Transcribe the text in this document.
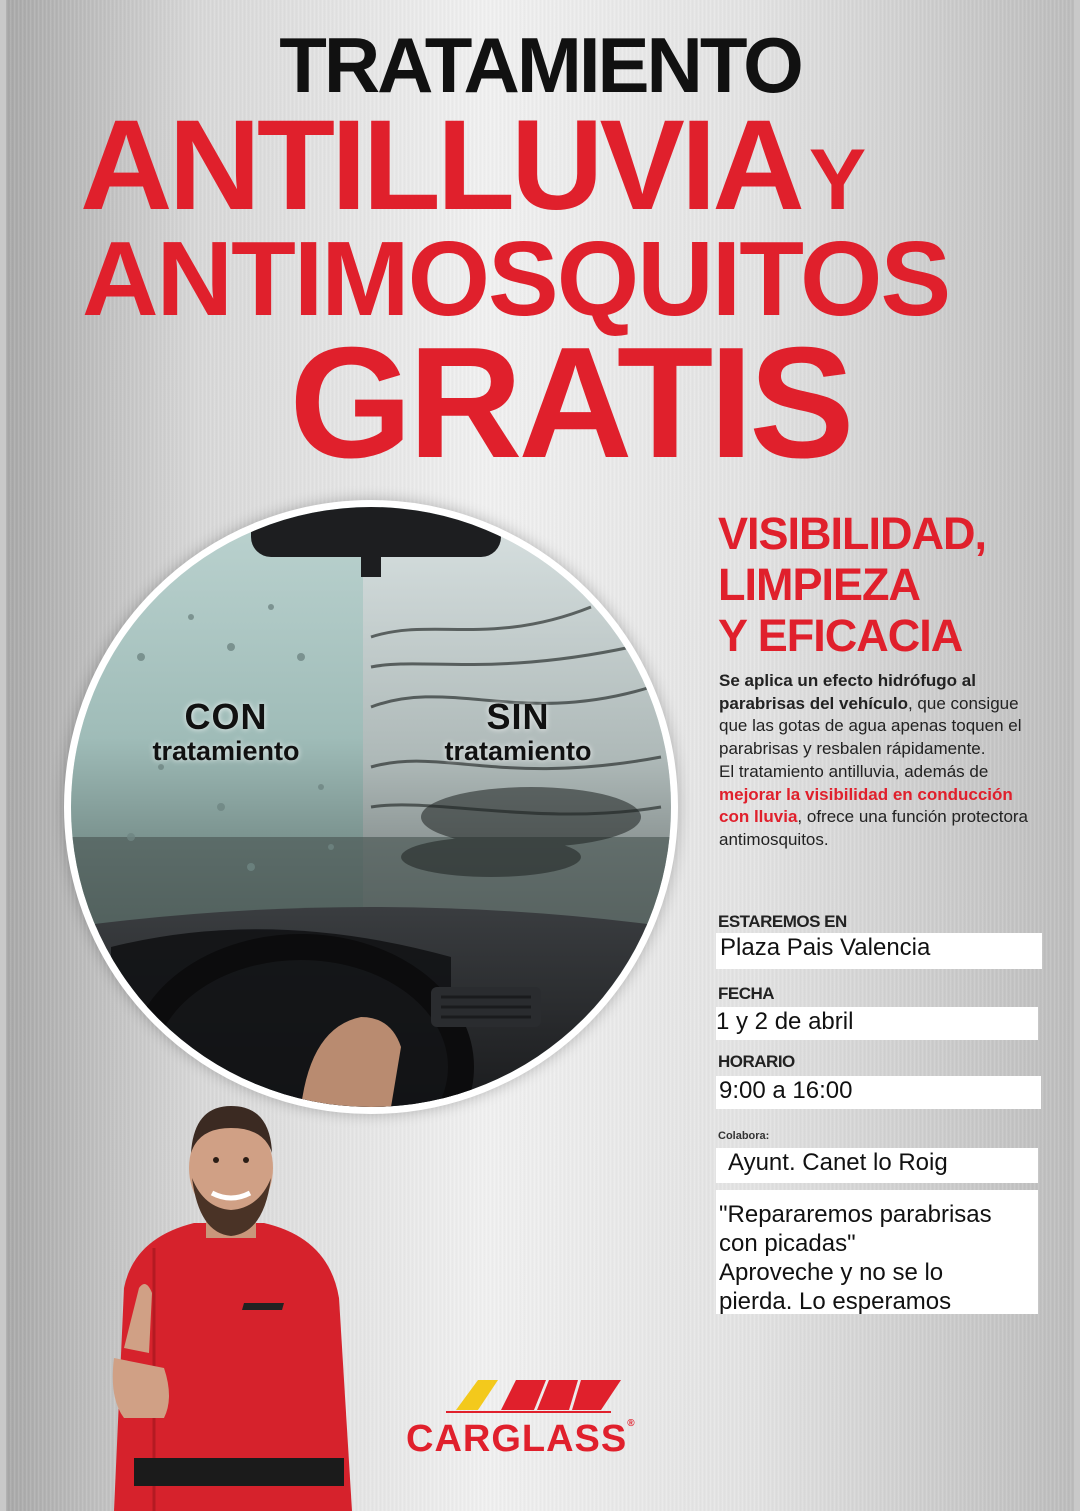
TRATAMIENTO
ANTILLUVIAY
ANTIMOSQUITOS
GRATIS
CON
tratamiento
SIN
tratamiento
VISIBILIDAD,
LIMPIEZA
Y EFICACIA
Se aplica un efecto hidrófugo al parabrisas del vehículo, que consigue que las gotas de agua apenas toquen el parabrisas y resbalen rápidamente.
El tratamiento antilluvia, además de mejorar la visibilidad en conducción con lluvia, ofrece una función protectora antimosquitos.
ESTAREMOS EN
Plaza Pais Valencia
FECHA
1 y 2 de abril
HORARIO
9:00 a 16:00
Colabora:
Ayunt. Canet lo Roig
"Repararemos parabrisas
con picadas"
Aproveche y no se lo
pierda. Lo esperamos
CARGLASS®
